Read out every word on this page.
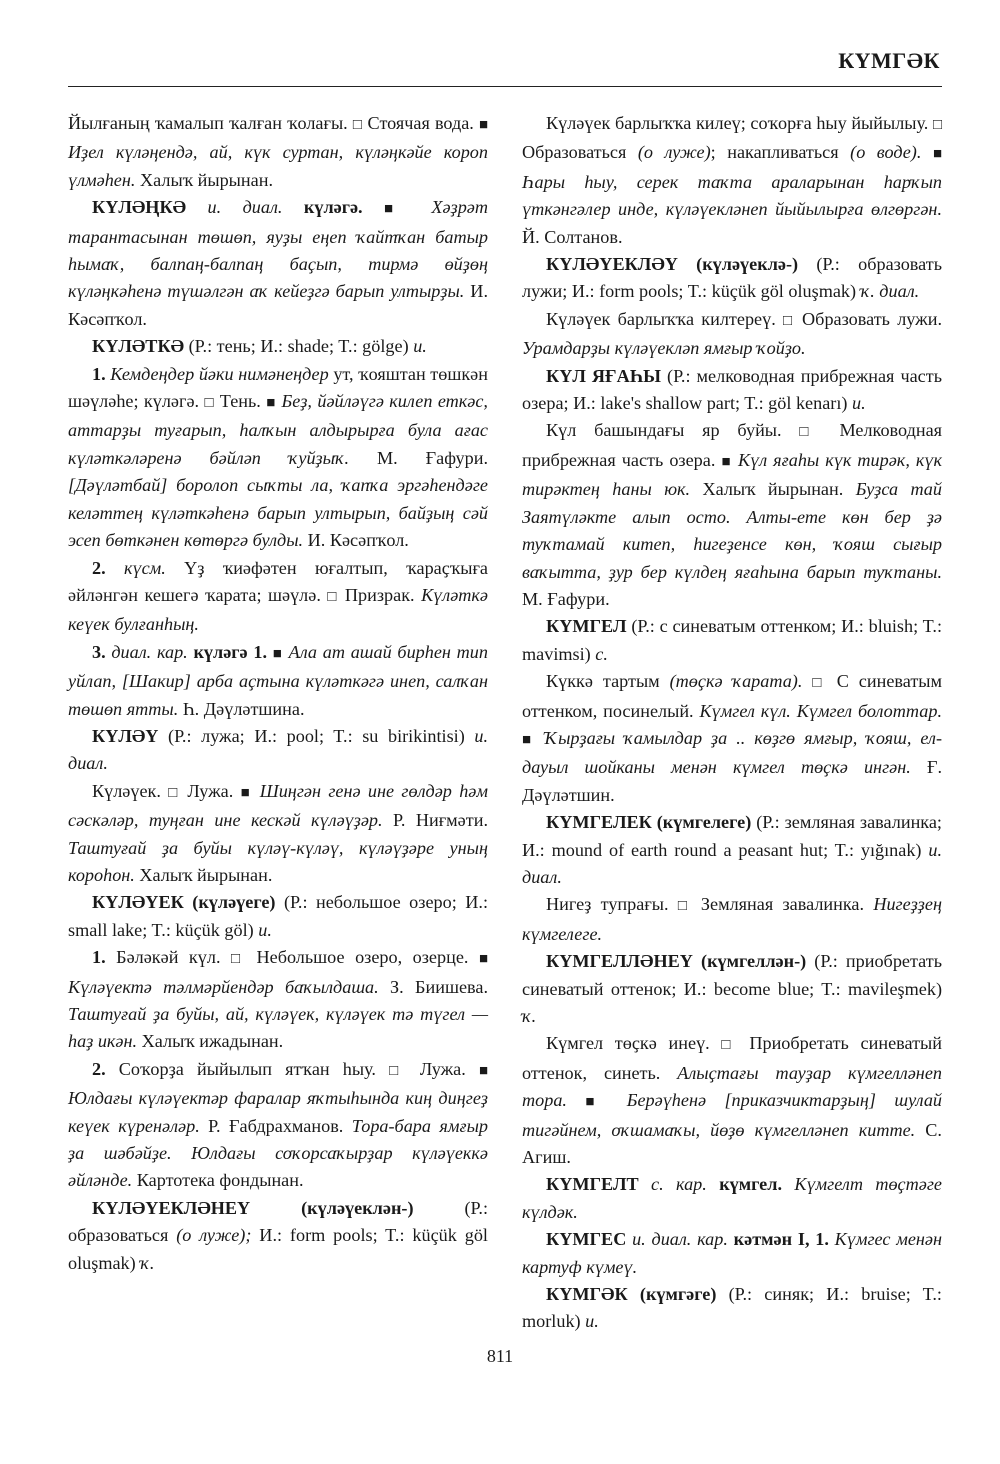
КҮМГӘК

Йылғаның ҡамалып ҡалған ҡолағы. □ Стоячая вода. ■ Иҙел күләңендә, ай, күк суртан, күләңкәйе короп үлмәһен. Халыҡ йырынан.

КҮЛӘҢКӘ и. диал. күләгә. ■ Хәҙрәт тарантасынан төшөп, яуҙы еңеп ҡайтҡан батыр һымаҡ, балпаң-балпаң баҫып, тирмә өйҙөң күләңкәһенә түшәлгән аҡ кейеҙгә барып ултырҙы. И. Кәсәпҡол.

КҮЛӘТКӘ (Р.: тень; И.: shade; T.: gölge) и.

1. Кемдеңдер йәки нимәнеңдер ут, ҡояштан төшкән шәүләһе; күләгә. □ Тень. ■ Беҙ, йәйләүгә килеп еткәс, аттарҙы туғарып, һалҡын алдырырға була ағас күләткәләренә бәйләп ҡуйҙыҡ. М. Ғафури. [Дәүләтбай] боролоп сыҡты ла, ҡапҡа эргәһендәге келәттең күләткәһенә барып ултырып, байҙың сәй эсеп бөткәнен көтөргә булды. И. Кәсәпҡол.

2. күсм. Үҙ ҡиәфәтен юғалтып, ҡараҫҡыға әйләнгән кешегә ҡарата; шәүлә. □ Призрак. Күләткә кеүек булғанһың.

3. диал. кар. күләгә 1. ■ Ала ат ашай бирһен тип уйлап, [Шакир] арба аҫтына күләткәгә инеп, салҡан төшөп ятты. Һ. Дәүләтшина.

КҮЛӘҮ (Р.: лужа; И.: pool; T.: su birikintisi) и. диал.

Күләүек. □ Лужа. ■ Шиңгән генә ине гөлдәр һәм сәскәләр, туңған ине кескәй күләүҙәр. Р. Ниғмәти. Таштуғай ҙа буйы күләү-күләү, күләүҙәре уның короһон. Халыҡ йырынан.

КҮЛӘҮЕК (күләүеге) (Р.: небольшое озеро; И.: small lake; T.: küçük göl) и.

1. Бәләкәй күл. □ Небольшое озеро, озерце. ■ Күләүектә тәлмәрйендәр баҡылдаша. З. Биишева. Таштуғай ҙа буйы, ай, күләүек, күләүек тә түгел — һаҙ икән. Халыҡ ижадынан.

2. Соҡорҙа йыйылып ятҡан һыу. □ Лужа. ■ Юлдағы күләүектәр фаралар яҡтыһында киң диңгеҙ кеүек күренәләр. Р. Ғабдрахманов. Тора-бара ямғыр ҙа шәбәйҙе. Юлдағы соҡорсаҡырҙар күләүеккә әйләнде. Картотека фондынан.

КҮЛӘҮЕКЛӘНЕҮ (күләүеклән-) (Р.: образоваться (о луже); И.: form pools; T.: küçük göl oluşmak) ҡ.

Күләүек барлыҡҡа килеү; соҡорға һыу йыйылыу. □ Образоваться (о луже); накапливаться (о воде). ■ Һары һыу, серек таҡта араларынан һарҡып үткәнгәлер инде, күләүекләнеп йыйылырға өлгөргән. Й. Солтанов.

КҮЛӘҮЕКЛӘҮ (күләүеклә-) (Р.: образовать лужи; И.: form pools; T.: küçük göl oluşmak) ҡ. диал.

Күләүек барлыҡҡа килтереү. □ Образовать лужи. Урамдарҙы күләүекләп ямғыр ҡойҙо.

КҮЛ ЯҒАҺЫ (Р.: мелководная прибрежная часть озера; И.: lake's shallow part; T.: göl kenarı) и.

Күл башындағы яр буйы. □ Мелководная прибрежная часть озера. ■ Күл яғаһы күк тирәк, күк тирәктең һаны юк. Халыҡ йырынан. Буҙса тай Заятүләкте алып осто. Алты-ете көн бер ҙә туҡтамай китеп, һигеҙенсе көн, ҡояш сығыр ваҡытта, ҙур бер күлдең яғаһына барып туҡтаны. М. Ғафури.

КҮМГЕЛ (Р.: с синеватым оттенком; И.: bluish; T.: mavimsi) с.

Күккә тартым (төҫкә ҡарата). □ С синеватым оттенком, посинелый. Күмгел күл. Күмгел болоттар. ■ Ҡырҙағы ҡамылдар ҙа .. көҙгө ямғыр, ҡояш, ел-дауыл шойканы менән күмгел төҫкә ингән. Ғ. Дәүләтшин.

КҮМГЕЛЕК (күмгелеге) (Р.: земляная завалинка; И.: mound of earth round a peasant hut; T.: yığınak) и. диал.

Нигеҙ тупрағы. □ Земляная завалинка. Нигеҙҙең күмгелеге.

КҮМГЕЛЛӘНЕҮ (күмгеллән-) (Р.: приобретать синеватый оттенок; И.: become blue; T.: mavileşmek) ҡ.

Күмгел төҫкә инеү. □ Приобретать синеватый оттенок, синеть. Алыҫтағы тауҙар күмгелләнеп тора. ■ Берәүһенә [приказчиктарҙың] шулай тигәйнем, оҡшамаҡы, йөҙө күмгелләнеп китте. С. Агиш.

КҮМГЕЛТ с. кар. күмгел. Күмгелт төҫтәге күлдәк.

КҮМГЕС и. диал. кар. кәтмән I, 1. Күмгес менән картуф күмеү.

КҮМГӘК (күмгәге) (Р.: синяк; И.: bruise; T.: morluk) и.

811
